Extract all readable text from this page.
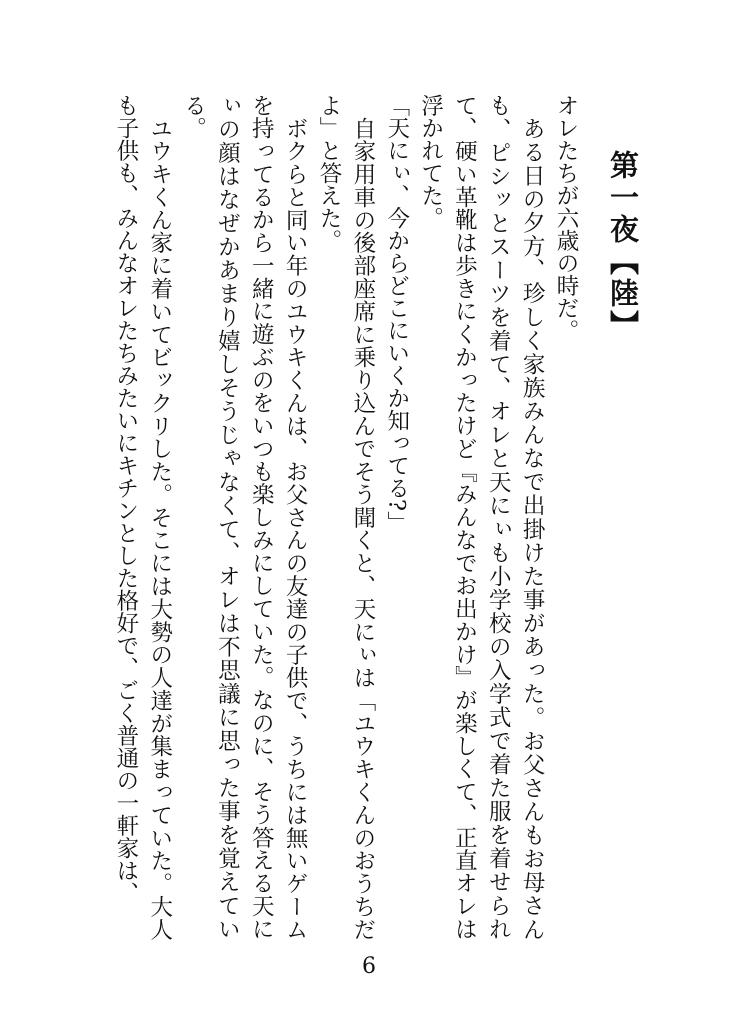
第一夜【陸】

オレたちが六歳の時だ。

ある日の夕方、珍しく家族みんなで出掛けた事があった。お父さんもお母さんも、ピシッとスーツを着て、オレと天にぃも小学校の入学式で着た服を着せられて、硬い革靴は歩きにくかったけど『みんなでお出かけ』が楽しくて、正直オレは浮かれてた。

「天にぃ、今からどこにいくか知ってる?」

自家用車の後部座席に乗り込んでそう聞くと、天にぃは「ユウキくんのおうちだよ」と答えた。

ボクらと同い年のユウキくんは、お父さんの友達の子供で、うちには無いゲームを持ってるから一緒に遊ぶのをいつも楽しみにしていた。なのに、そう答える天にぃの顔はなぜかあまり嬉しそうじゃなくて、オレは不思議に思った事を覚えている。

ユウキくん家に着いてビックリした。そこには大勢の人達が集まっていた。大人も子供も、みんなオレたちみたいにキチンとした格好で、ごく普通の一軒家は、

6
